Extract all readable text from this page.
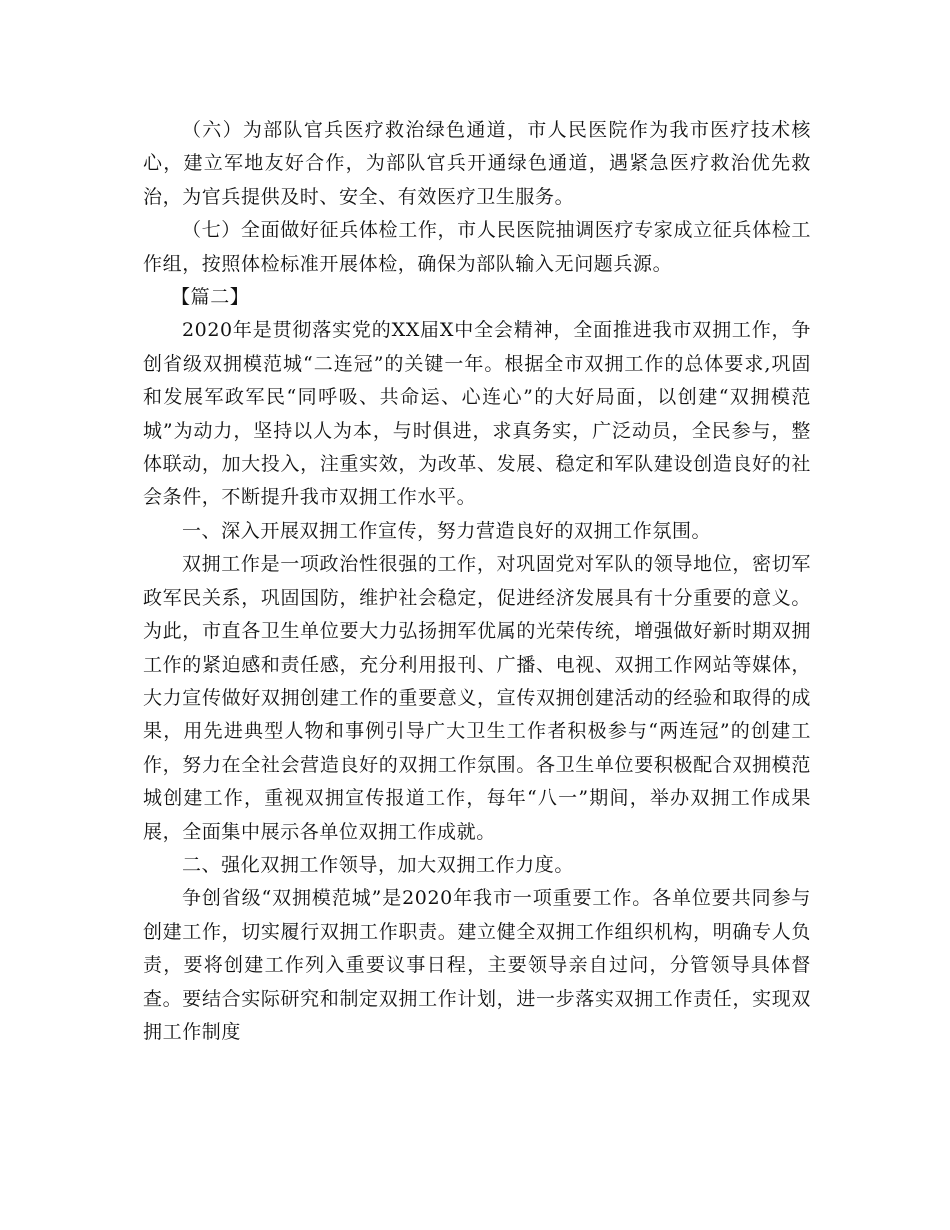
（六）为部队官兵医疗救治绿色通道，市人民医院作为我市医疗技术核心，建立军地友好合作，为部队官兵开通绿色通道，遇紧急医疗救治优先救治，为官兵提供及时、安全、有效医疗卫生服务。

（七）全面做好征兵体检工作，市人民医院抽调医疗专家成立征兵体检工作组，按照体检标准开展体检，确保为部队输入无问题兵源。

【篇二】

2020年是贯彻落实党的XX届X中全会精神，全面推进我市双拥工作，争创省级双拥模范城“二连冠”的关键一年。根据全市双拥工作的总体要求,巩固和发展军政军民“同呼吸、共命运、心连心”的大好局面，以创建“双拥模范城”为动力，坚持以人为本，与时俱进，求真务实，广泛动员，全民参与，整体联动，加大投入，注重实效，为改革、发展、稳定和军队建设创造良好的社会条件，不断提升我市双拥工作水平。

一、深入开展双拥工作宣传，努力营造良好的双拥工作氛围。

双拥工作是一项政治性很强的工作，对巩固党对军队的领导地位，密切军政军民关系，巩固国防，维护社会稳定，促进经济发展具有十分重要的意义。为此，市直各卫生单位要大力弘扬拥军优属的光荣传统，增强做好新时期双拥工作的紧迫感和责任感，充分利用报刊、广播、电视、双拥工作网站等媒体，大力宣传做好双拥创建工作的重要意义，宣传双拥创建活动的经验和取得的成果，用先进典型人物和事例引导广大卫生工作者积极参与“两连冠”的创建工作，努力在全社会营造良好的双拥工作氛围。各卫生单位要积极配合双拥模范城创建工作，重视双拥宣传报道工作，每年“八一”期间，举办双拥工作成果展，全面集中展示各单位双拥工作成就。

二、强化双拥工作领导，加大双拥工作力度。

争创省级“双拥模范城”是2020年我市一项重要工作。各单位要共同参与创建工作，切实履行双拥工作职责。建立健全双拥工作组织机构，明确专人负责，要将创建工作列入重要议事日程，主要领导亲自过问，分管领导具体督查。要结合实际研究和制定双拥工作计划，进一步落实双拥工作责任，实现双拥工作制度
